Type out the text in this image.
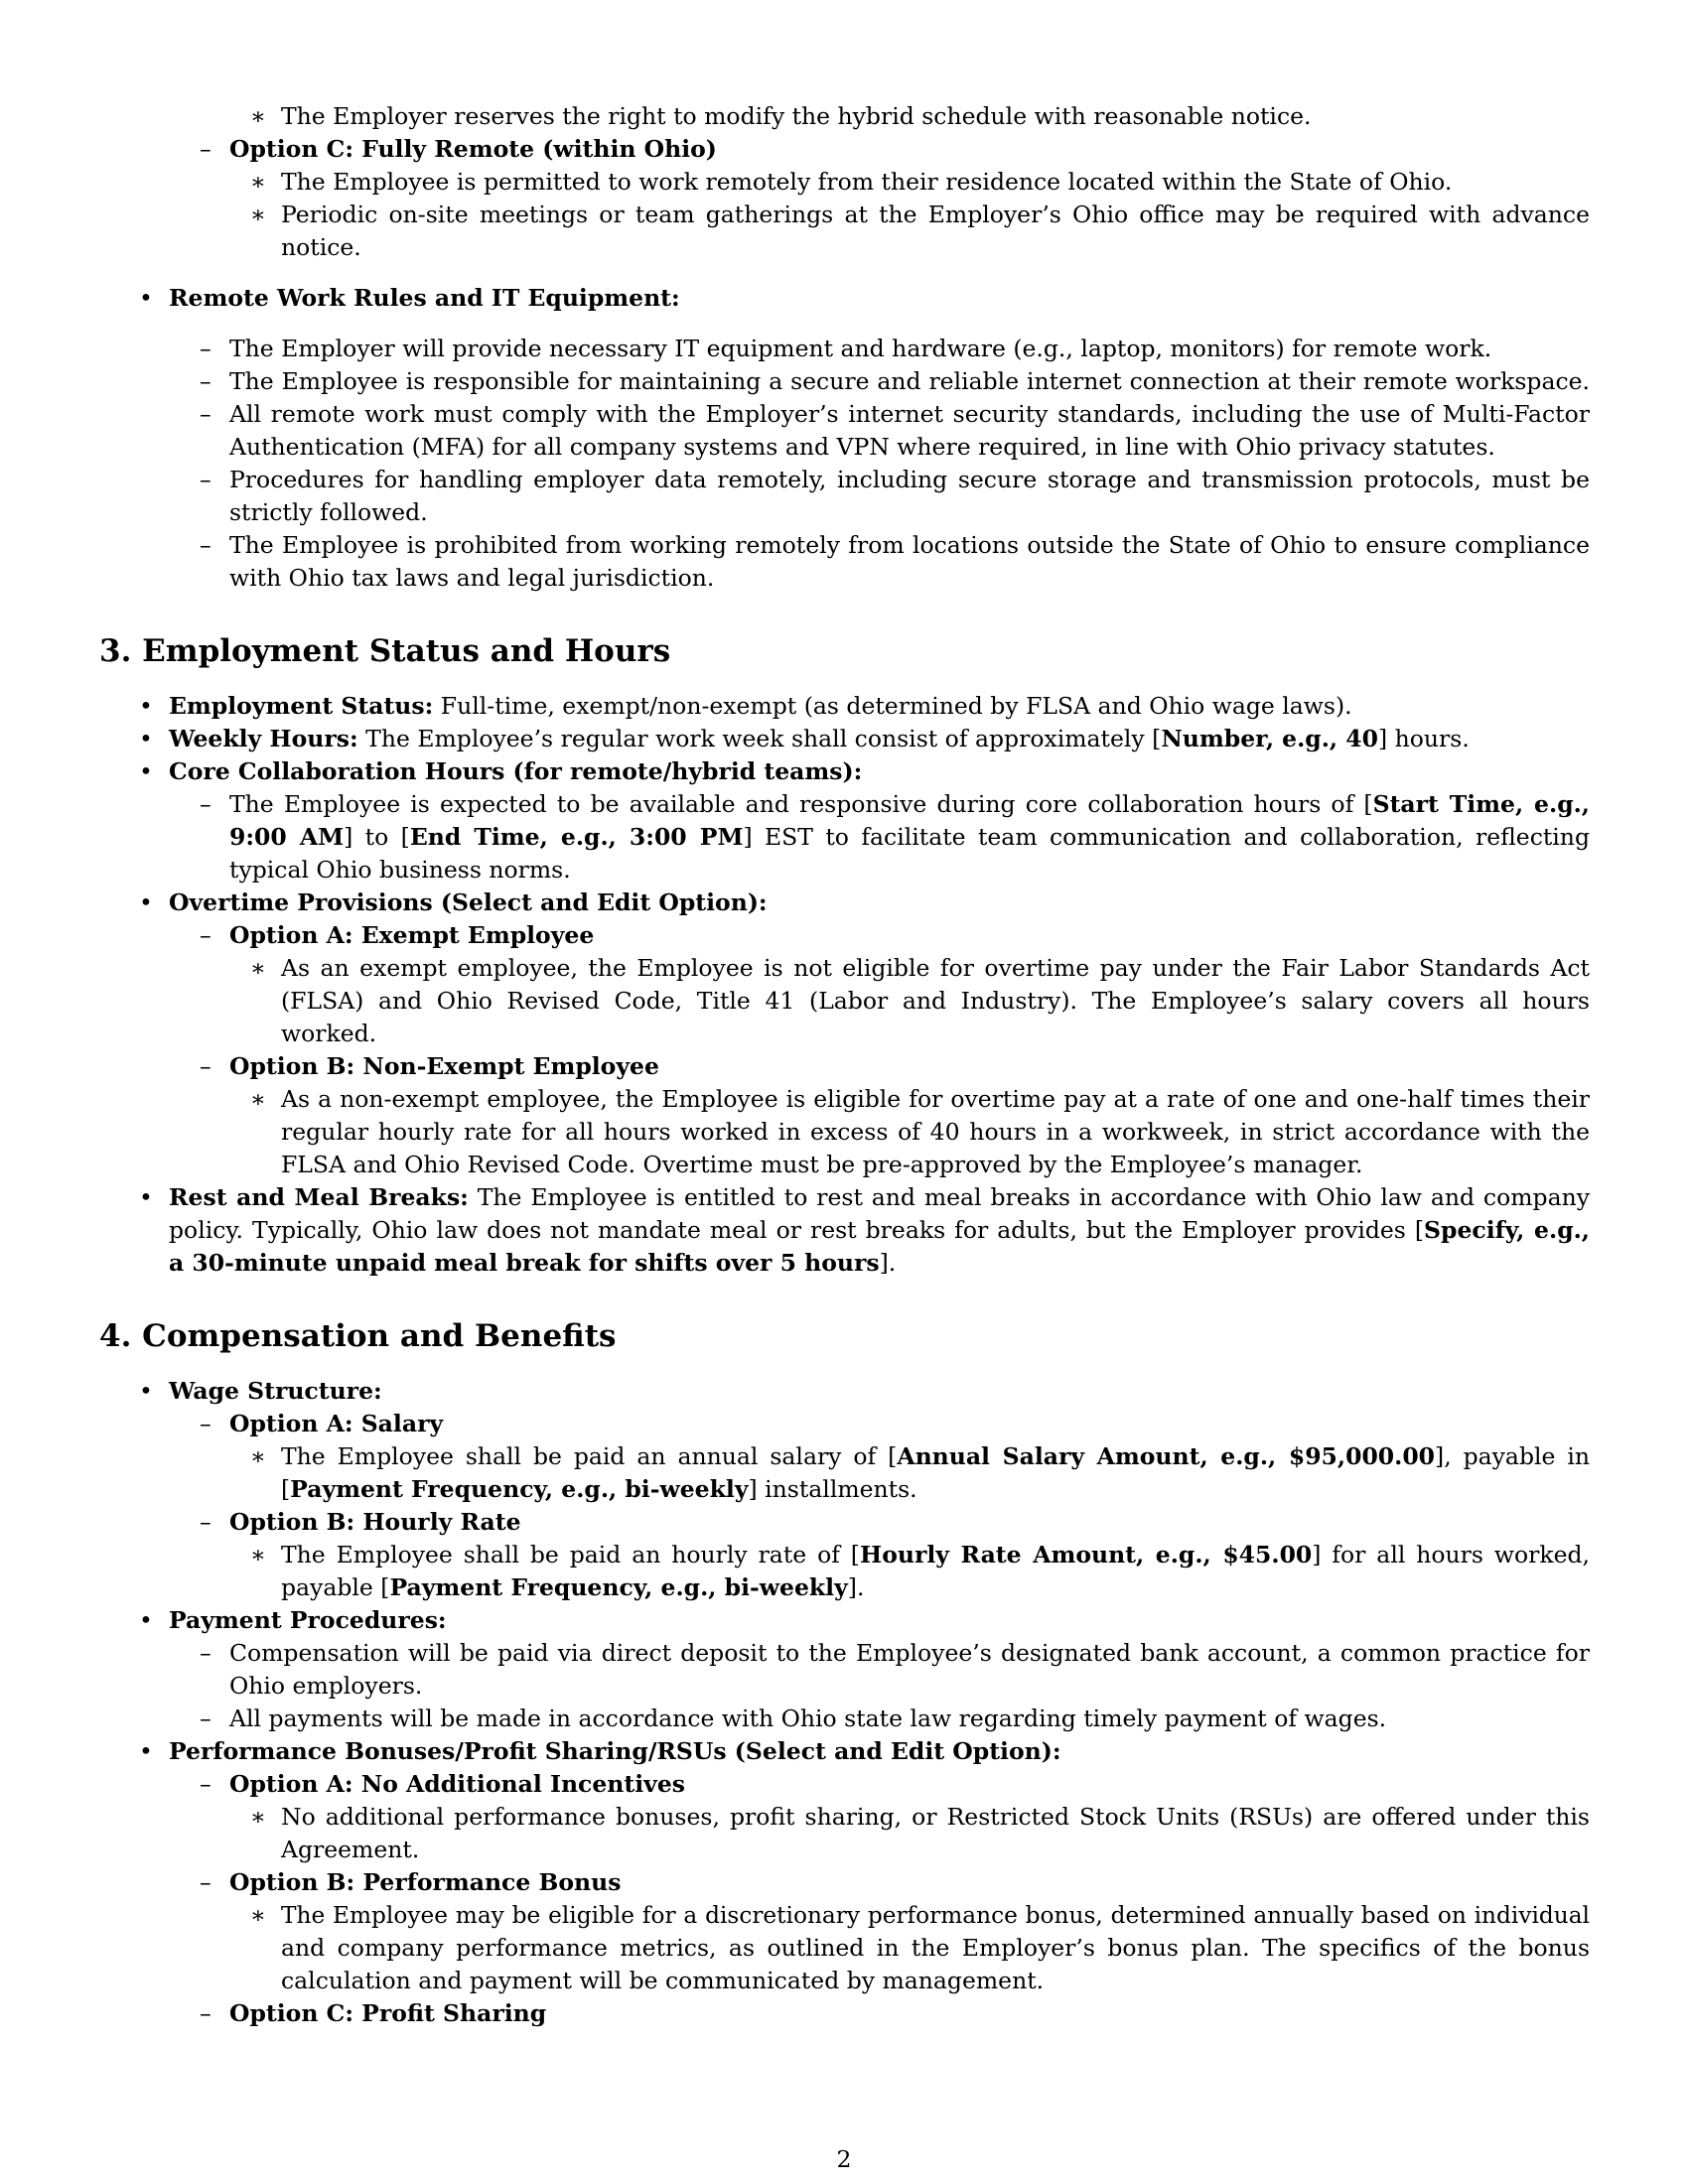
∗ The Employer reserves the right to modify the hybrid schedule with reasonable notice.
– Option C: Fully Remote (within Ohio)
∗ The Employee is permitted to work remotely from their residence located within the State of Ohio.
∗ Periodic on-site meetings or team gatherings at the Employer’s Ohio office may be required with advance
notice.
• Remote Work Rules and IT Equipment:
– The Employer will provide necessary IT equipment and hardware (e.g., laptop, monitors) for remote work.
– The Employee is responsible for maintaining a secure and reliable internet connection at their remote workspace.
– All remote work must comply with the Employer’s internet security standards, including the use of Multi-Factor
Authentication (MFA) for all company systems and VPN where required, in line with Ohio privacy statutes.
– Procedures for handling employer data remotely, including secure storage and transmission protocols, must be
strictly followed.
– The Employee is prohibited from working remotely from locations outside the State of Ohio to ensure compliance
with Ohio tax laws and legal jurisdiction.
3. Employment Status and Hours
• Employment Status: Full-time, exempt/non-exempt (as determined by FLSA and Ohio wage laws).
• Weekly Hours: The Employee’s regular work week shall consist of approximately [Number, e.g., 40] hours.
• Core Collaboration Hours (for remote/hybrid teams):
– The Employee is expected to be available and responsive during core collaboration hours of [Start Time, e.g.,
9:00 AM] to [End Time, e.g., 3:00 PM] EST to facilitate team communication and collaboration, reflecting
typical Ohio business norms.
• Overtime Provisions (Select and Edit Option):
– Option A: Exempt Employee
∗ As an exempt employee, the Employee is not eligible for overtime pay under the Fair Labor Standards Act
(FLSA) and Ohio Revised Code, Title 41 (Labor and Industry). The Employee’s salary covers all hours
worked.
– Option B: Non-Exempt Employee
∗ As a non-exempt employee, the Employee is eligible for overtime pay at a rate of one and one-half times their
regular hourly rate for all hours worked in excess of 40 hours in a workweek, in strict accordance with the
FLSA and Ohio Revised Code. Overtime must be pre-approved by the Employee’s manager.
• Rest and Meal Breaks: The Employee is entitled to rest and meal breaks in accordance with Ohio law and company
policy. Typically, Ohio law does not mandate meal or rest breaks for adults, but the Employer provides [Specify, e.g.,
a 30-minute unpaid meal break for shifts over 5 hours].
4. Compensation and Benefits
• Wage Structure:
– Option A: Salary
∗ The Employee shall be paid an annual salary of [Annual Salary Amount, e.g., $95,000.00], payable in
[Payment Frequency, e.g., bi-weekly] installments.
– Option B: Hourly Rate
∗ The Employee shall be paid an hourly rate of [Hourly Rate Amount, e.g., $45.00] for all hours worked,
payable [Payment Frequency, e.g., bi-weekly].
• Payment Procedures:
– Compensation will be paid via direct deposit to the Employee’s designated bank account, a common practice for
Ohio employers.
– All payments will be made in accordance with Ohio state law regarding timely payment of wages.
• Performance Bonuses/Profit Sharing/RSUs (Select and Edit Option):
– Option A: No Additional Incentives
∗ No additional performance bonuses, profit sharing, or Restricted Stock Units (RSUs) are offered under this
Agreement.
– Option B: Performance Bonus
∗ The Employee may be eligible for a discretionary performance bonus, determined annually based on individual
and company performance metrics, as outlined in the Employer’s bonus plan. The specifics of the bonus
calculation and payment will be communicated by management.
– Option C: Profit Sharing
2
